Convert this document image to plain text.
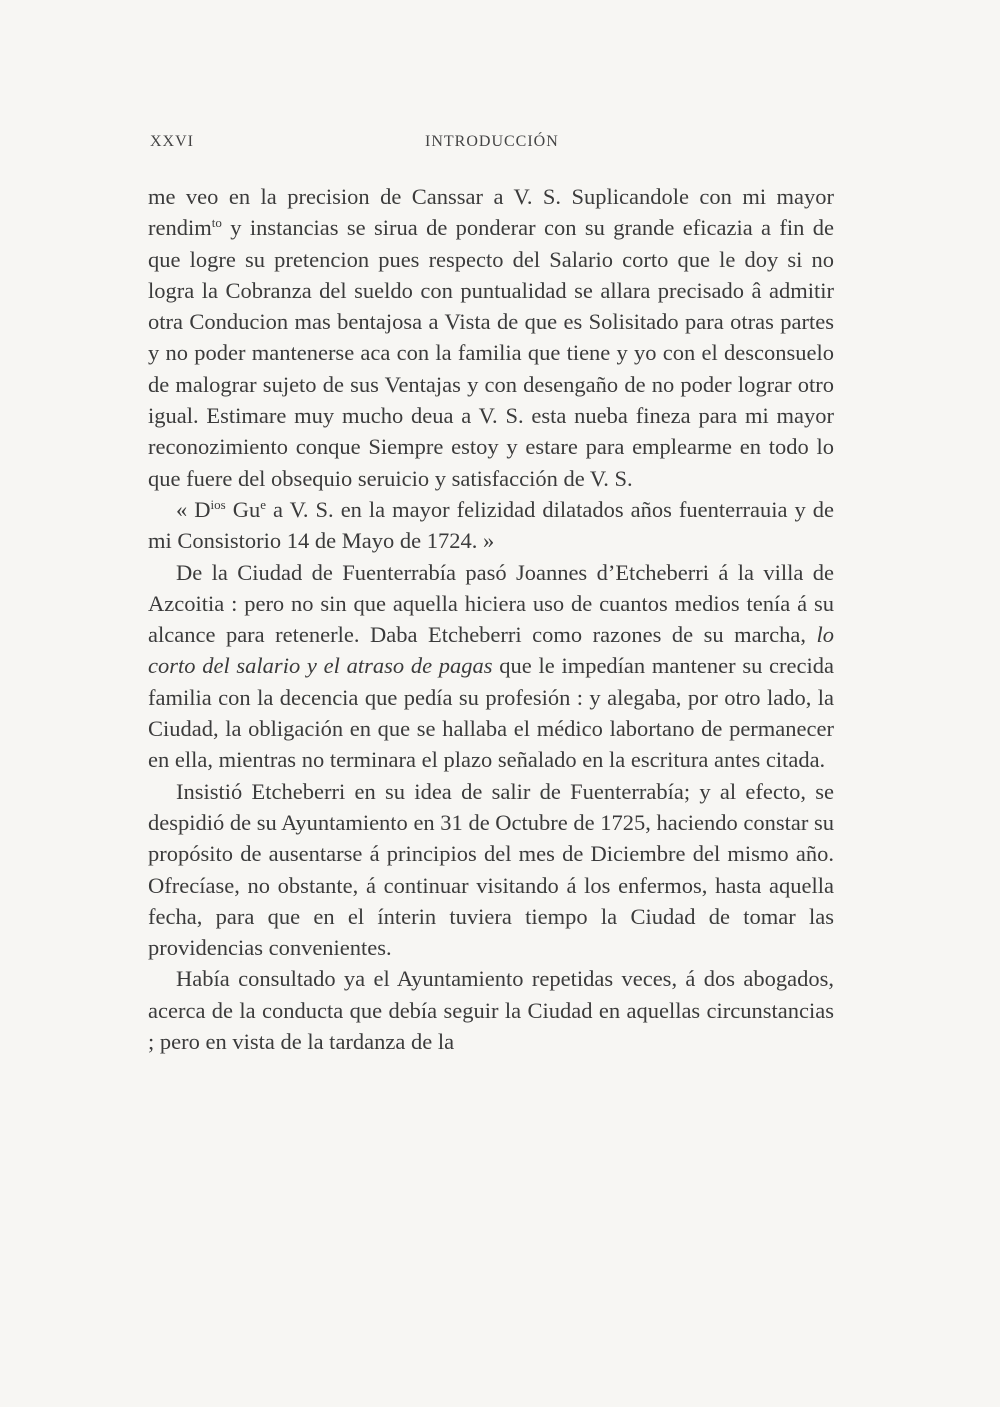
XXVI	INTRODUCCIÓN

me veo en la precision de Canssar a V. S. Suplicandole con mi mayor rendim$^{to}$ y instancias se sirua de ponderar con su grande eficazia a fin de que logre su pretencion pues respecto del Salario corto que le doy si no logra la Cobranza del sueldo con puntualidad se allara precisado â admitir otra Conducion mas bentajosa a Vista de que es Solisitado para otras partes y no poder mantenerse aca con la familia que tiene y yo con el desconsuelo de malograr sujeto de sus Ventajas y con desengaño de no poder lograr otro igual. Estimare muy mucho deua a V. S. esta nueba fineza para mi mayor reconozimiento conque Siempre estoy y estare para emplearme en todo lo que fuere del obsequio seruicio y satisfacción de V. S.

« $D^{ios}$ Gu$^e$ a V. S. en la mayor felizidad dilatados años fuenterrauia y de mi Consistorio 14 de Mayo de 1724. »

De la Ciudad de Fuenterrabía pasó Joannes d’Etcheberri á la villa de Azcoitia : pero no sin que aquella hiciera uso de cuantos medios tenía á su alcance para retenerle. Daba Etcheberri como razones de su marcha, lo corto del salario y el atraso de pagas que le impedían mantener su crecida familia con la decencia que pedía su profesión : y alegaba, por otro lado, la Ciudad, la obligación en que se hallaba el médico labortano de permanecer en ella, mientras no terminara el plazo señalado en la escritura antes citada.

Insistió Etcheberri en su idea de salir de Fuenterrabía; y al efecto, se despidió de su Ayuntamiento en 31 de Octubre de 1725, haciendo constar su propósito de ausentarse á principios del mes de Diciembre del mismo año. Ofrecíase, no obstante, á continuar visitando á los enfermos, hasta aquella fecha, para que en el ínterin tuviera tiempo la Ciudad de tomar las providencias convenientes.

Había consultado ya el Ayuntamiento repetidas veces, á dos abogados, acerca de la conducta que debía seguir la Ciudad en aquellas circunstancias ; pero en vista de la tardanza de la
